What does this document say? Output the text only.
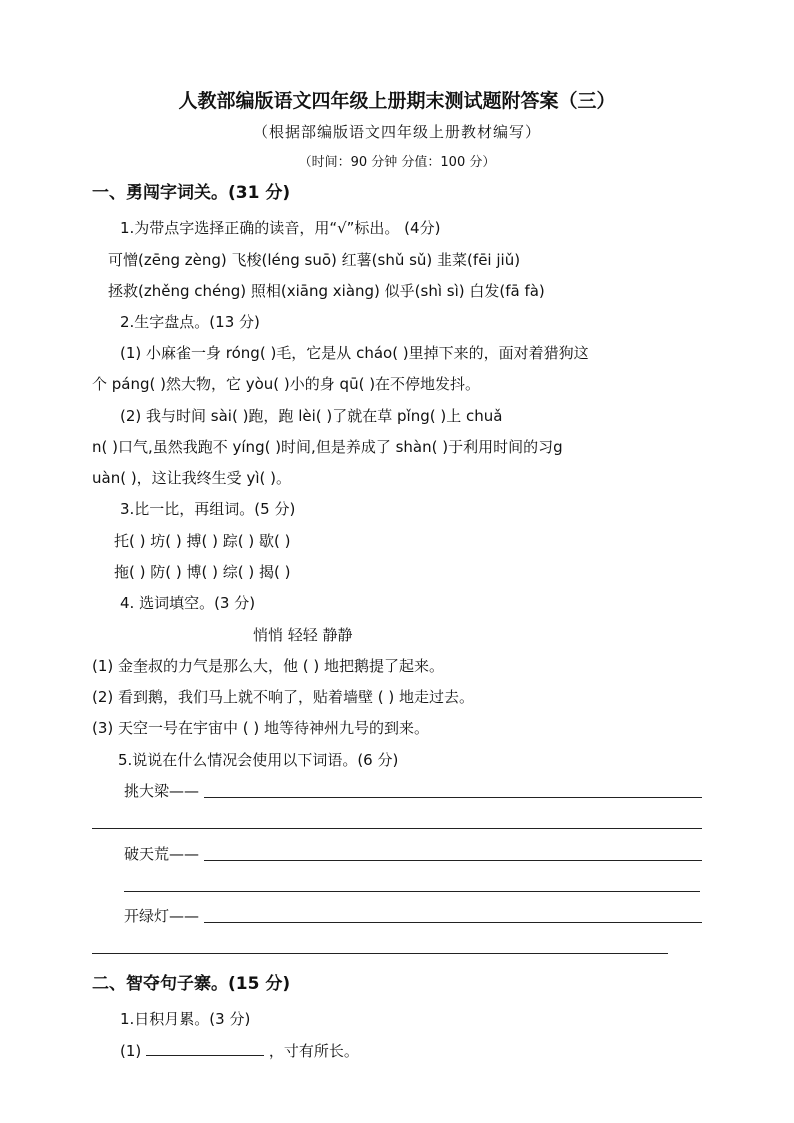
人教部编版语文四年级上册期末测试题附答案（三）
（根据部编版语文四年级上册教材编写）
（时间：90 分钟 分值：100 分）
一、勇闯字词关。(31 分)
1.为带点字选择正确的读音，用“√”标出。 (4分)
可憎(zēng zèng) 飞梭(léng suō) 红薯(shǔ sǔ) 韭菜(fēi jiǔ)
拯救(zhěng chéng) 照相(xiāng xiàng) 似乎(shì sì) 白发(fā fà)
2.生字盘点。(13 分)
(1) 小麻雀一身 róng( )毛，它是从 cháo( )里掉下来的，面对着猎狗这
个 páng( )然大物，它 yòu( )小的身 qū( )在不停地发抖。
(2) 我与时间 sài( )跑，跑 lèi( )了就在草 pǐng( )上 chuǎ
n( )口气,虽然我跑不 yíng( )时间,但是养成了 shàn( )于利用时间的习g
uàn( )，这让我终生受 yì( )。
3.比一比，再组词。(5 分)
托( ) 坊( ) 搏( ) 踪( ) 歇( )
拖( ) 防( ) 博( ) 综( ) 揭( )
4. 选词填空。(3 分)
悄悄 轻轻 静静
(1) 金奎叔的力气是那么大，他 ( ) 地把鹅提了起来。
(2) 看到鹅，我们马上就不响了，贴着墙壁 ( ) 地走过去。
(3) 天空一号在宇宙中 ( ) 地等待神州九号的到来。
5.说说在什么情况会使用以下词语。(6 分)
挑大梁——
破天荒——
开绿灯——
二、智夺句子寨。(15 分)
1.日积月累。(3 分)
(1)	，寸有所长。
